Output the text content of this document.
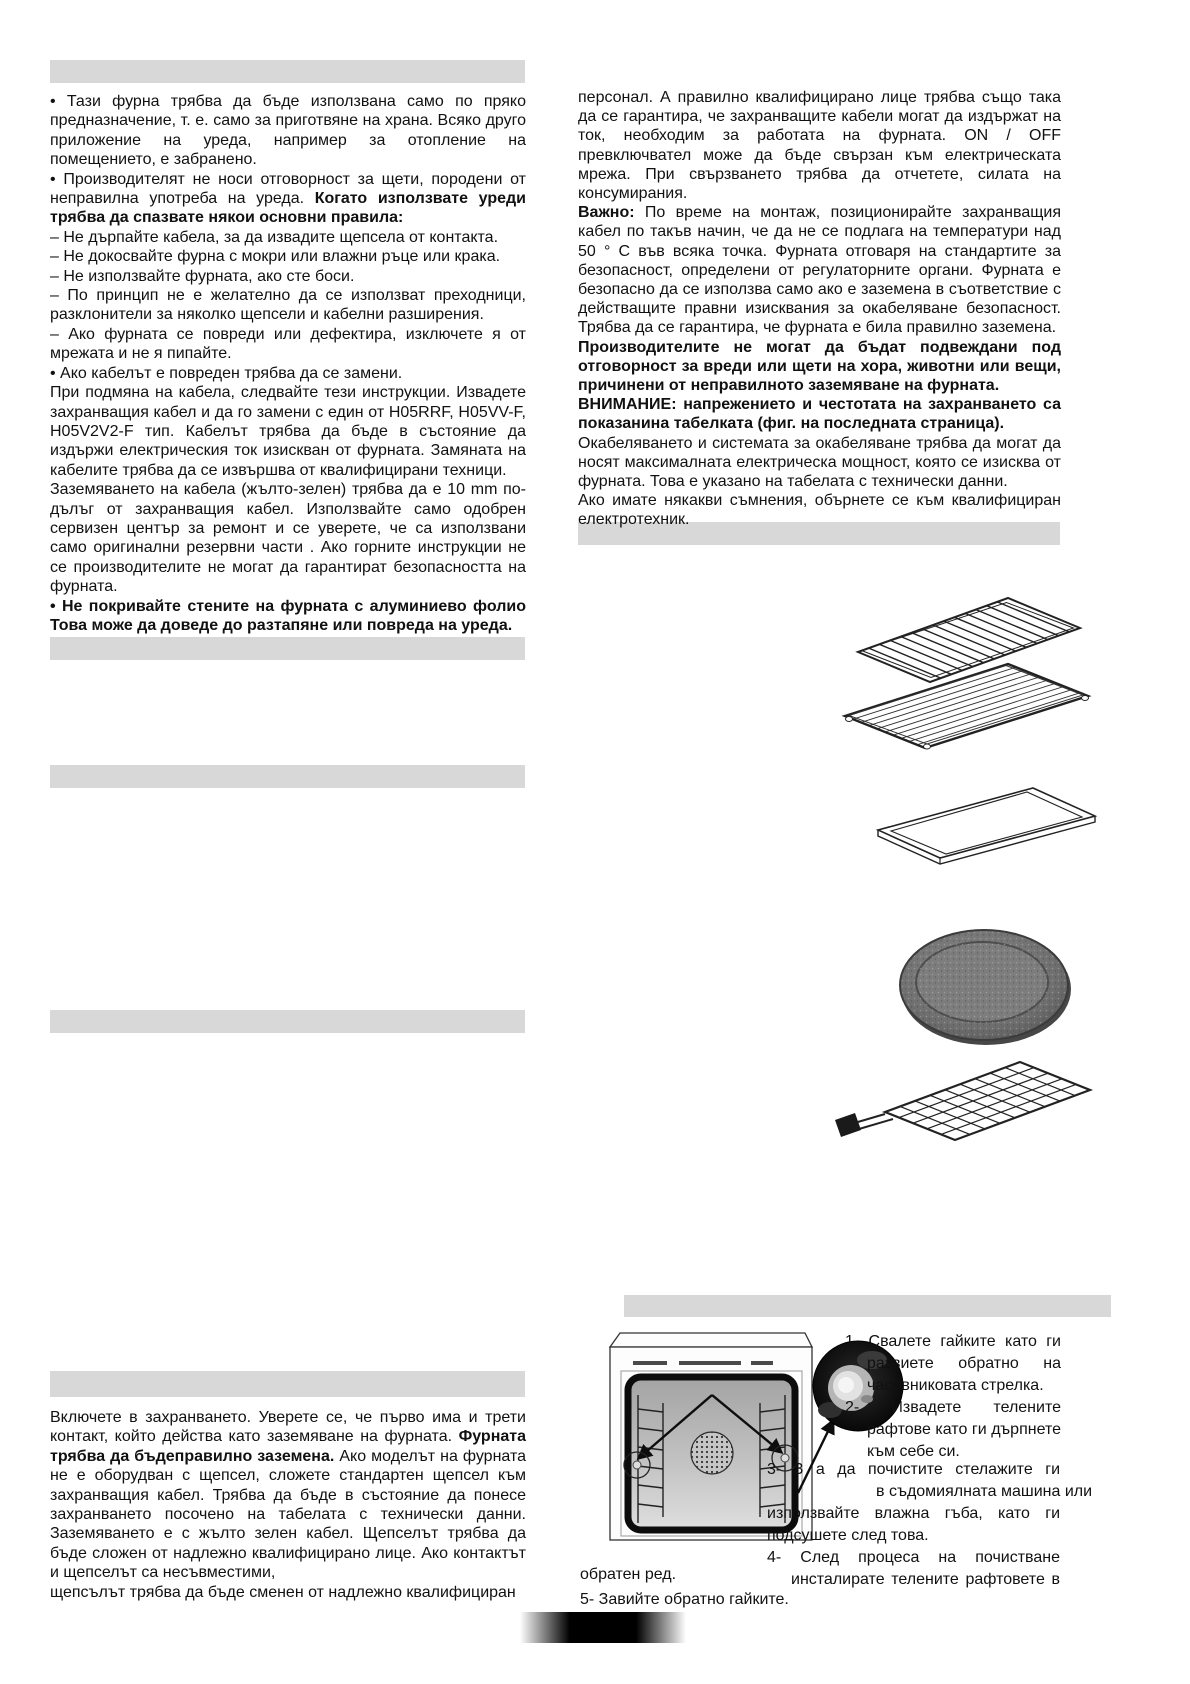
• Тази фурна трябва да бъде използвана само по пряко предназначение, т. е. само за приготвяне на храна. Всяко друго приложение на уреда, например за отопление на помещението, е забранено.

• Производителят не носи отговорност за щети, породени от неправилна употреба на уреда. Когато използвате уреди трябва да спазвате някои основни правила:

– Не дърпайте кабела, за да извадите щепсела от контакта.

– Не докосвайте фурна с мокри или влажни ръце или крака.

– Не използвайте фурната, ако сте боси.

– По принцип не е желателно да се използват преходници, разклонители за няколко щепсели и кабелни разширения.

– Ако фурната се повреди или дефектира, изключете я от мрежата и не я пипайте.

• Ако кабелът е повреден трябва да се замени.

При подмяна на кабела, следвайте тези инструкции. Извадете захранващия кабел и да го замени с един от H05RRF, H05VV-F, H05V2V2-F тип. Кабелът трябва да бъде в състояние да издържи електрическия ток изискван от фурната. Замяната на кабелите трябва да се извършва от квалифицирани техници.

Заземяването на кабела (жълто-зелен) трябва да е 10 mm по-дълъг от захранващия кабел. Използвайте само одобрен сервизен център за ремонт и се уверете, че са използвани само оригинални резервни части . Ако горните инструкции не се производителите не могат да гарантират безопасността на фурната.

• Не покривайте стените на фурната с алуминиево фолио Това може да доведе до разтапяне или повреда на уреда.

Включете в захранването. Уверете се, че първо има и трети контакт, който действа като заземяване на фурната. Фурната трябва да бъдеправилно заземена. Ако моделът на фурната не е оборудван с щепсел, сложете стандартен щепсел към захранващия кабел. Трябва да бъде в състояние да понесе захранването посочено на табелата с технически данни. Заземяването е с жълто зелен кабел. Щепселът трябва да бъде сложен от надлежно квалифицирано лице. Ако контактът и щепселът са несъвместими,

щепсълът трябва да бъде сменен от надлежно квалифициран

персонал. А правилно квалифицирано лице трябва също така да се гарантира, че захранващите кабели могат да издържат на ток, необходим за работата на фурната. ON / OFF превключвател може да бъде свързан към електрическата мрежа. При свързването трябва да отчетете, силата на консумирания.

Важно: По време на монтаж, позиционирайте захранващия кабел по такъв начин, че да не се подлага на температури над 50 ° С във всяка точка. Фурната отговаря на стандартите за безопасност, определени от регулаторните органи. Фурната е безопасно да се използва само ако е заземена в съответствие с действащите правни изисквания за окабеляване безопасност. Трябва да се гарантира, че фурната е била правилно заземена.

Производителите не могат да бъдат подвеждани под отговорност за вреди или щети на хора, животни или вещи, причинени от неправилното заземяване на фурната.

ВНИМАНИЕ: напрежението и честотата на захранването са показанина табелката (фиг. на последната страница).

Окабеляването и системата за окабеляване трябва да могат да носят максималната електрическа мощност, която се изисква от фурната. Това е указано на табелата с технически данни.

Ако имате някакви съмнения, обърнете се към квалифициран електротехник.

1- Свалете гайките като ги развиете обратно на часовниковата стрелка.

2- Извадете телените рафтове като ги дърпнете към себе си.

3- З а да почистите стелажите ги
в съдомиялната машина или
използвайте влажна гъба, като ги
подсушете след това.
4- След процеса на почистване
инсталирате телените рафтовете в
обратен ред.
5- Завийте обратно гайките.
